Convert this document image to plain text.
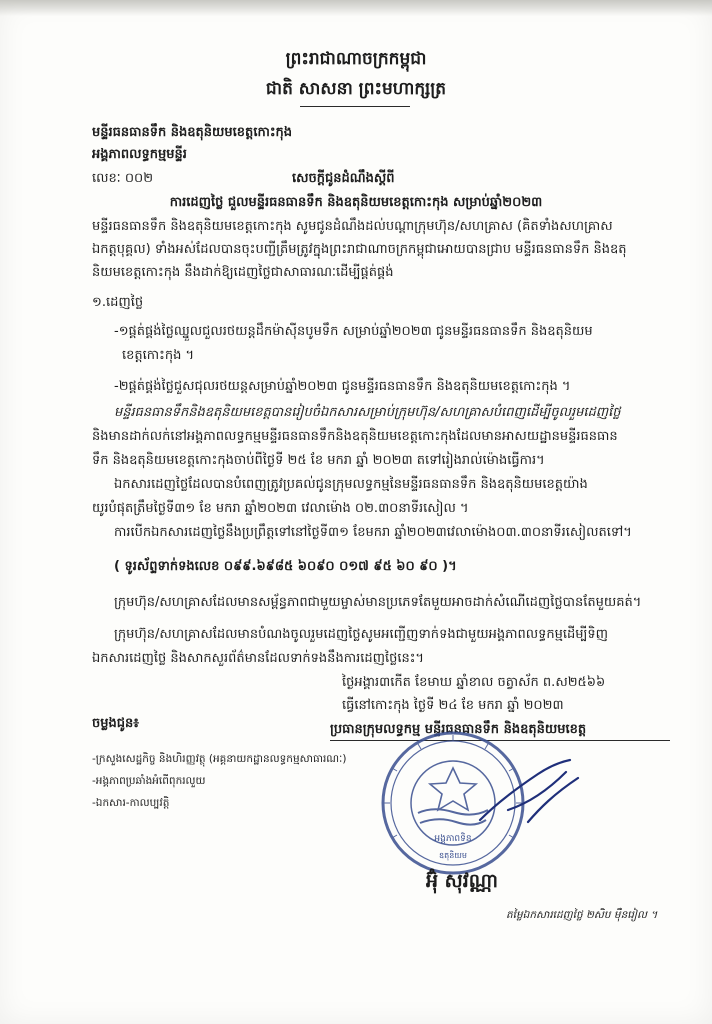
ព្រះរាជាណាចក្រកម្ពុជា
ជាតិ សាសនា ព្រះមហាក្សត្រ
មន្ទីរធនធានទឹក និងឧតុនិយមខេត្តកោះកុង
អង្គភាពលទ្ធកម្មមន្ទីរ
លេខៈ ០០២	សេចក្តីជូនដំណឹងស្តីពី
ការដេញថ្លៃ ជួលមន្ទីរធនធានទឹក និងឧតុនិយមខេត្តកោះកុង សម្រាប់ឆ្នាំ២០២៣
មន្ទីរធនធានទឹក និងឧតុនិយមខេត្តកោះកុង សូមជូនដំណឹងដល់បណ្តាក្រុមហ៊ុន/សហគ្រាស (គិតទាំងសហគ្រាស
ឯកត្តបុគ្គល) ទាំងអស់ដែលបានចុះបញ្ជីត្រឹមត្រូវក្នុងព្រះរាជាណាចក្រកម្ពុជាអោយបានជ្រាប មន្ទីរធនធានទឹក និងឧតុ
និយមខេត្តកោះកុង នឹងដាក់ឱ្យដេញថ្លៃជាសាធារណៈដើម្បីផ្គត់ផ្គង់
១.ដេញថ្លៃ
-១ផ្គត់ផ្គង់ថ្លៃឈ្នួលជួលរថយន្តដឹកម៉ាស៊ីនបូមទឹក សម្រាប់ឆ្នាំ២០២៣ ជូនមន្ទីរធនធានទឹក និងឧតុនិយម
ខេត្តកោះកុង ។
-២ផ្គត់ផ្គង់ថ្លៃជួសជុលរថយន្តសម្រាប់ឆ្នាំ២០២៣ ជូនមន្ទីរធនធានទឹក និងឧតុនិយមខេត្តកោះកុង ។
មន្ទីរធនធានទឹកនិងឧតុនិយមខេត្តបានរៀបចំឯកសារសម្រាប់ក្រុមហ៊ុន/សហគ្រាសបំពេញដើម្បីចូលរួមដេញថ្លៃ
និងមានដាក់លក់នៅអង្គភាពលទ្ធកម្មមន្ទីរធនធានទឹកនិងឧតុនិយមខេត្តកោះកុងដែលមានអាសយដ្ឋានមន្ទីរធនធាន
ទឹក និងឧតុនិយមខេត្តកោះកុងចាប់ពីថ្ងៃទី ២៥ ខែ មករា ឆ្នាំ ២០២៣ តទៅរៀងរាល់ម៉ោងធ្វើការ។
ឯកសារដេញថ្លៃដែលបានបំពេញត្រូវប្រគល់ជូនក្រុមលទ្ធកម្មនៃមន្ទីរធនធានទឹក និងឧតុនិយមខេត្តយ៉ាង
យូរបំផុតត្រឹមថ្ងៃទី៣១ ខែ មករា ឆ្នាំ២០២៣ វេលាម៉ោង ០២.៣០នាទីរសៀល ។
ការបើកឯកសារដេញថ្លៃនឹងប្រព្រឹត្តទៅនៅថ្ងៃទី៣១ ខែមករា ឆ្នាំ២០២៣វេលាម៉ោង០៣.៣០នាទីរសៀលតទៅ។
( ទូរស័ព្ទទាក់ទងលេខ ០៩៩.៦៩៨៥ ៦០៩០ ០១៧ ៩៥ ៦០ ៩០ )។
ក្រុមហ៊ុន/សហគ្រាសដែលមានសម្ព័ន្ធភាពជាមួយម្ចាស់មានប្រភេទតែមួយអាចដាក់សំណើដេញថ្លៃបានតែមួយគត់។
ក្រុមហ៊ុន/សហគ្រាសដែលមានបំណងចូលរួមដេញថ្លៃសូមអញ្ជើញទាក់ទងជាមួយអង្គភាពលទ្ធកម្មដើម្បីទិញ
ឯកសារដេញថ្លៃ និងសាកសួរព័ត៌មានដែលទាក់ទងនឹងការដេញថ្លៃនេះ។
ថ្ងៃអង្គារ៣កើត ខែមាឃ ឆ្នាំខាល ចត្វាស័ក ព.ស២៥៦៦
ធ្វើនៅកោះកុង ថ្ងៃទី ២៤ ខែ មករា ឆ្នាំ ២០២៣
ប្រធានក្រុមលទ្ធកម្ម មន្ទីរធនធានទឹក និងឧតុនិយមខេត្ត
ចម្លងជូន៖
-ក្រសួងសេដ្ឋកិច្ច និងហិរញ្ញវត្ថុ (អគ្គនាយកដ្ឋានលទ្ធកម្មសាធារណៈ)
-អង្គភាពប្រឆាំងអំពើពុករលួយ
-ឯកសារ-កាលប្បវត្តិ
អង្គភាពទិន
ឧតុនិយម
អ៊ុំ សុវណ្ណា
តម្លៃឯកសារដេញថ្លៃ ២សិប ម៉ឺនរៀល ។
